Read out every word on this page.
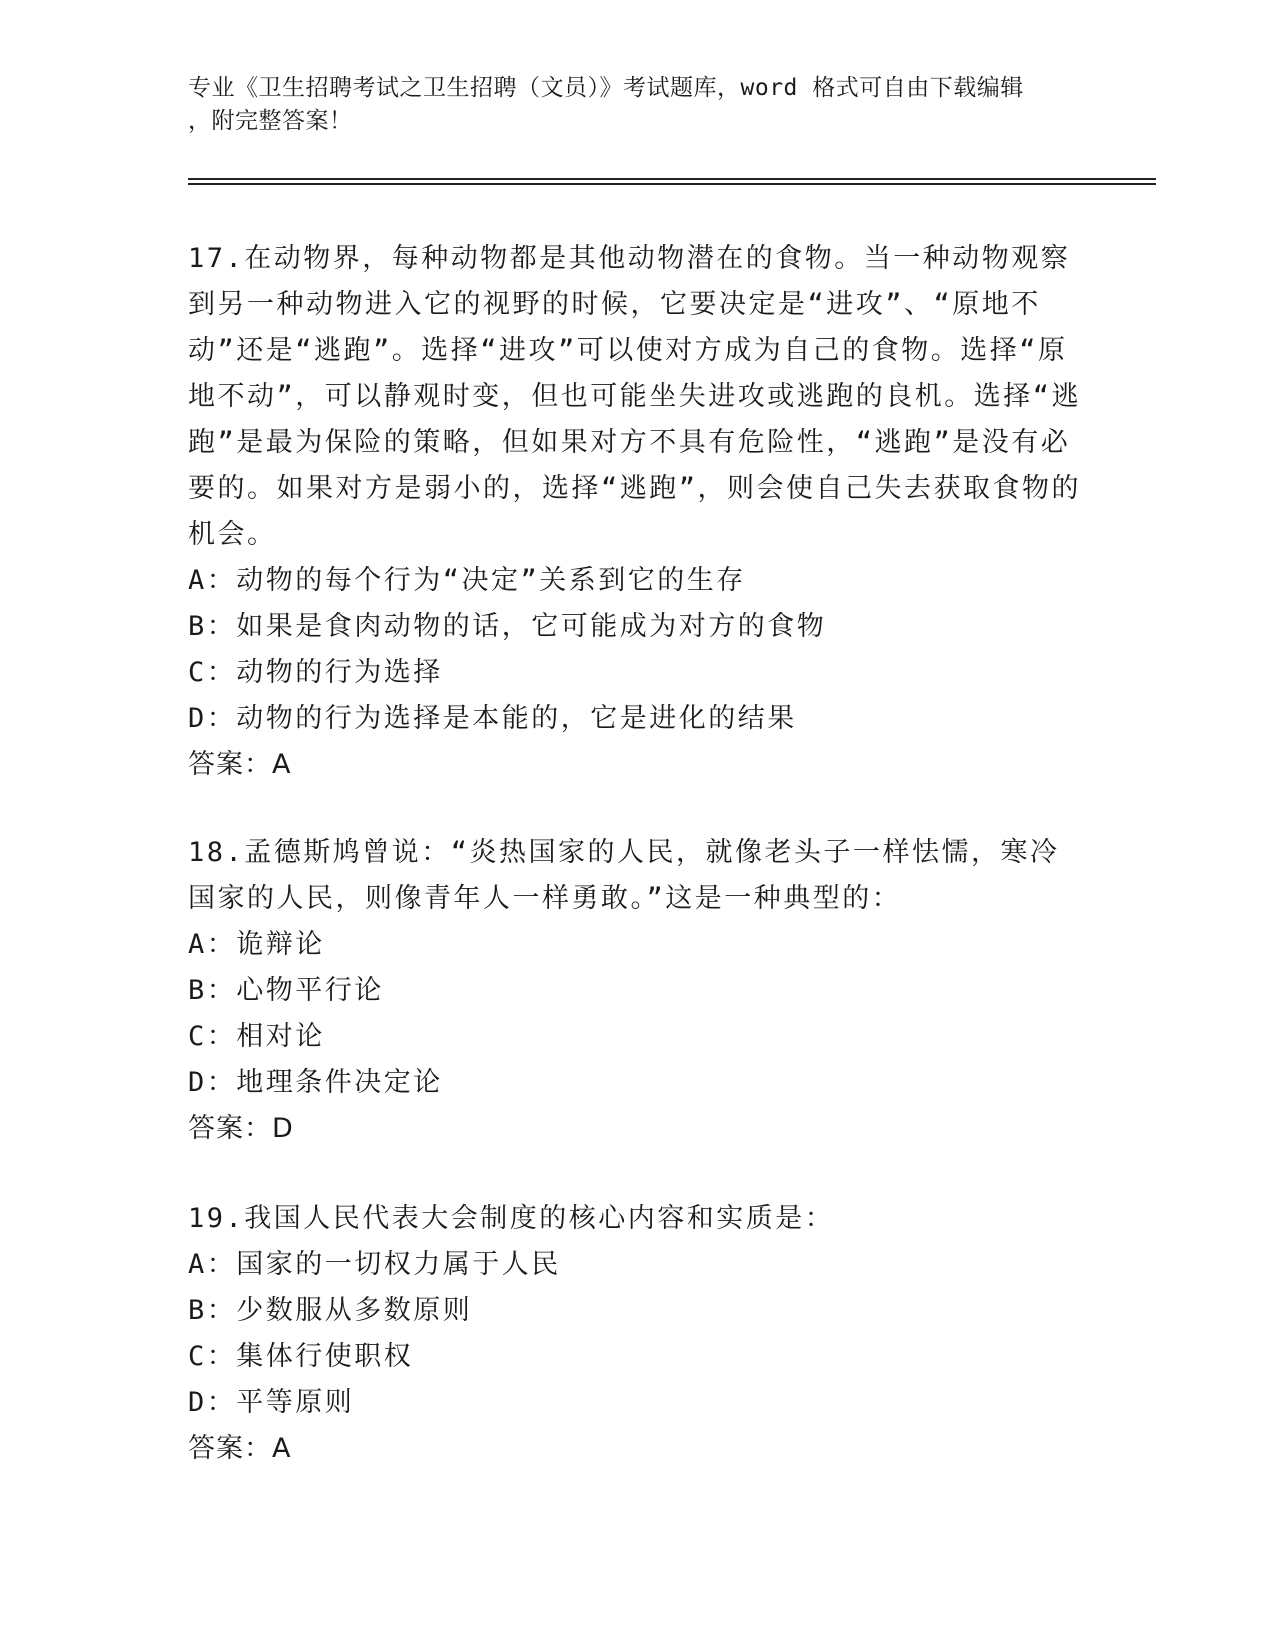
专业《卫生招聘考试之卫生招聘（文员）》考试题库，word 格式可自由下载编辑
，附完整答案！

17.在动物界，每种动物都是其他动物潜在的食物。当一种动物观察到另一种动物进入它的视野的时候，它要决定是“进攻”、“原地不动”还是“逃跑”。选择“进攻”可以使对方成为自己的食物。选择“原地不动”，可以静观时变，但也可能坐失进攻或逃跑的良机。选择“逃跑”是最为保险的策略，但如果对方不具有危险性，“逃跑”是没有必要的。如果对方是弱小的，选择“逃跑”，则会使自己失去获取食物的机会。

A：动物的每个行为“决定”关系到它的生存
B：如果是食肉动物的话，它可能成为对方的食物
C：动物的行为选择
D：动物的行为选择是本能的，它是进化的结果
答案：A

18.孟德斯鸠曾说：“炎热国家的人民，就像老头子一样怯懦，寒冷国家的人民，则像青年人一样勇敢。”这是一种典型的：

A：诡辩论
B：心物平行论
C：相对论
D：地理条件决定论
答案：D

19.我国人民代表大会制度的核心内容和实质是：

A：国家的一切权力属于人民
B：少数服从多数原则
C：集体行使职权
D：平等原则
答案：A
